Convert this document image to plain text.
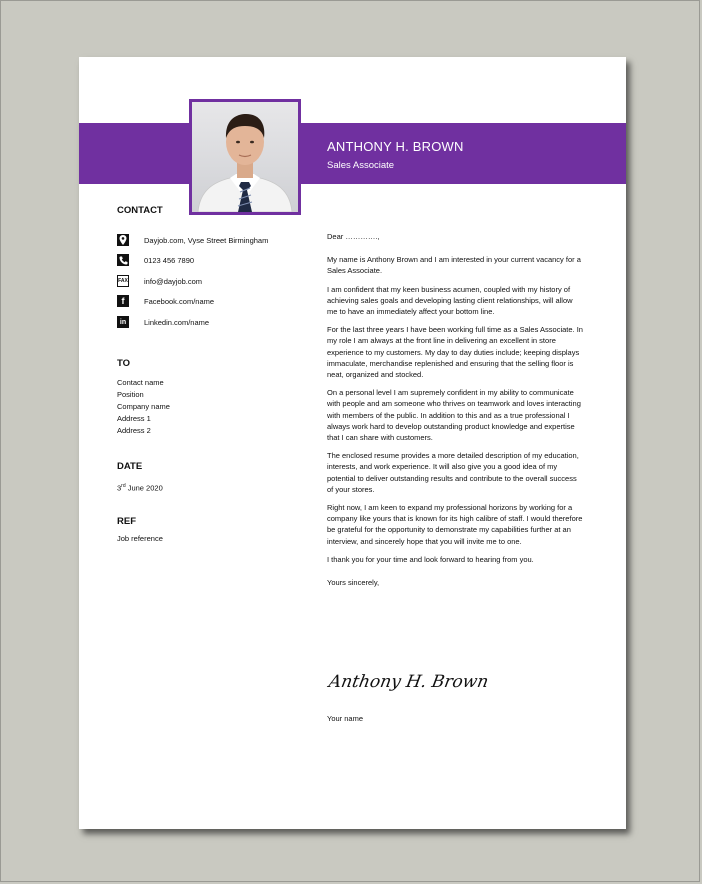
ANTHONY H. BROWN
Sales Associate
CONTACT
Dayjob.com, Vyse Street Birmingham
0123 456 7890
FAX info@dayjob.com
f	Facebook.com/name
in	Linkedin.com/name
TO
Contact name
Position
Company name
Address 1
Address 2
DATE
3rd June 2020
REF
Job reference

Dear ………….,

My name is Anthony Brown and I am interested in your current vacancy for a Sales Associate.

I am confident that my keen business acumen, coupled with my history of achieving sales goals and developing lasting client relationships, will allow me to have an immediately affect your bottom line.

For the last three years I have been working full time as a Sales Associate. In my role I am always at the front line in delivering an excellent in store experience to my customers. My day to day duties include; keeping displays immaculate, merchandise replenished and ensuring that the selling floor is neat, organized and stocked.

On a personal level I am supremely confident in my ability to communicate with people and am someone who thrives on teamwork and loves interacting with members of the public. In addition to this and as a true professional I always work hard to develop outstanding product knowledge and expertise that I can share with customers.

The enclosed resume provides a more detailed description of my education, interests, and work experience. It will also give you a good idea of my potential to deliver outstanding results and contribute to the overall success of your stores.

Right now, I am keen to expand my professional horizons by working for a company like yours that is known for its high calibre of staff. I would therefore be grateful for the opportunity to demonstrate my capabilities further at an interview, and sincerely hope that you will invite me to one.

I thank you for your time and look forward to hearing from you.

Yours sincerely,

Anthony H. Brown
Your name
